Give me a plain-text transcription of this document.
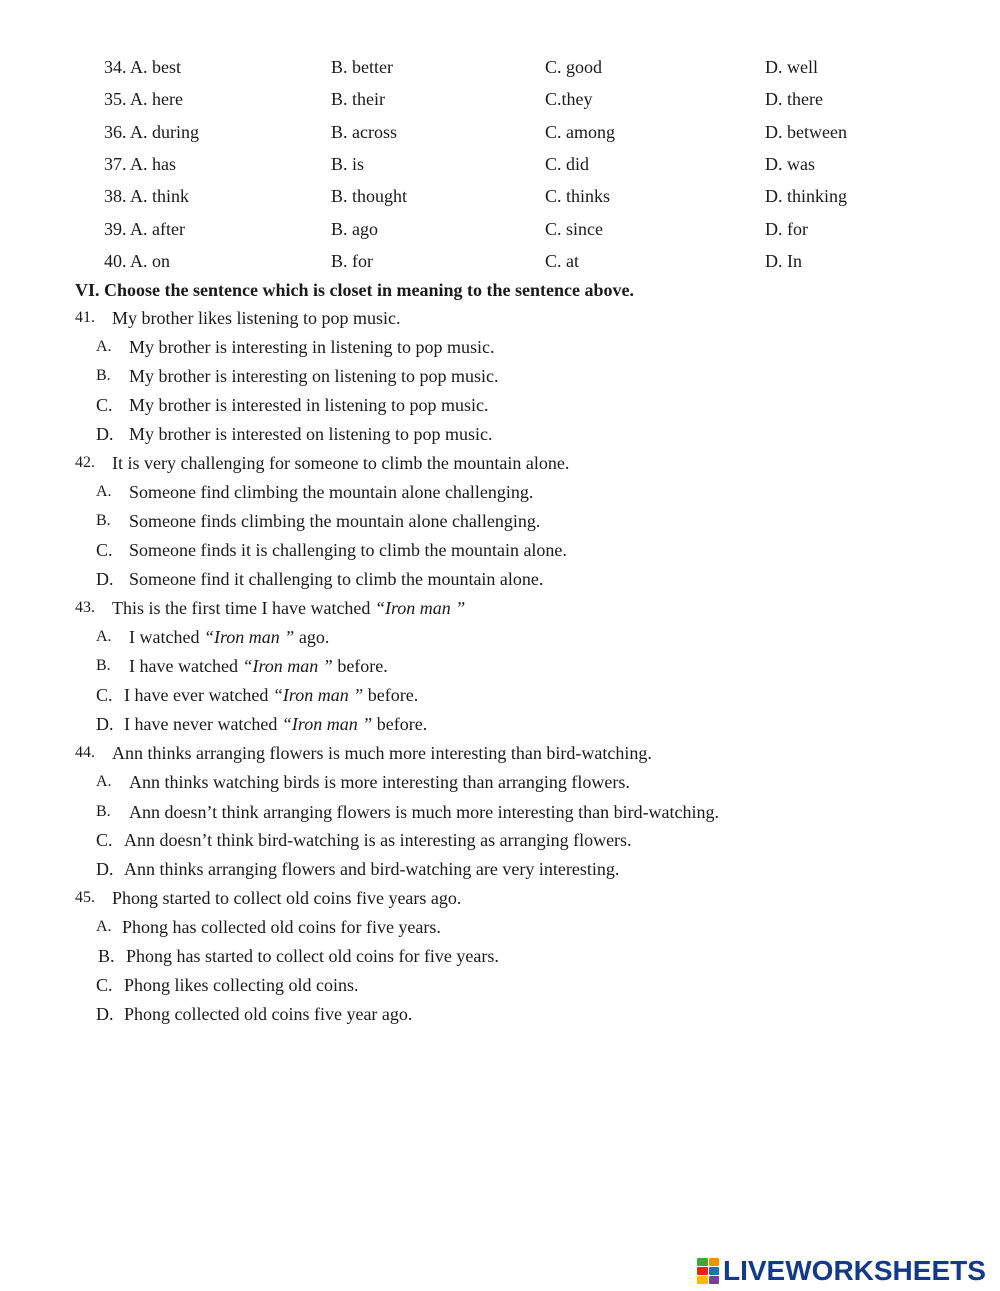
34. A. best	B. better	C. good	D. well
35. A. here	B. their	C.they	D. there
36. A. during	B. across	C. among	D. between
37. A. has	B. is	C. did	D. was
38. A. think	B. thought	C. thinks	D. thinking
39. A. after	B. ago	C. since	D. for
40. A. on	B. for	C. at	D. In
VI. Choose the sentence which is closet in meaning to the sentence above.
41. My brother likes listening to pop music.
A. My brother is interesting in listening to pop music.
B. My brother is interesting on listening to pop music.
C. My brother is interested in listening to pop music.
D. My brother is interested on listening to pop music.
42. It is very challenging for someone to climb the mountain alone.
A. Someone find climbing the mountain alone challenging.
B. Someone finds climbing the mountain alone challenging.
C. Someone finds it is challenging to climb the mountain alone.
D. Someone find it challenging to climb the mountain alone.
43. This is the first time I have watched “Iron man ”
A. I watched “Iron man ” ago.
B. I have watched “Iron man ” before.
C. I have ever watched “Iron man ” before.
D. I have never watched “Iron man ” before.
44. Ann thinks arranging flowers is much more interesting than bird-watching.
A. Ann thinks watching birds is more interesting than arranging flowers.
B. Ann doesn’t think arranging flowers is much more interesting than bird-watching.
C. Ann doesn’t think bird-watching is as interesting as arranging flowers.
D. Ann thinks arranging flowers and bird-watching are very interesting.
45. Phong started to collect old coins five years ago.
A. Phong has collected old coins for five years.
B. Phong has started to collect old coins for five years.
C. Phong likes collecting old coins.
D. Phong collected old coins five year ago.
LIVEWORKSHEETS
